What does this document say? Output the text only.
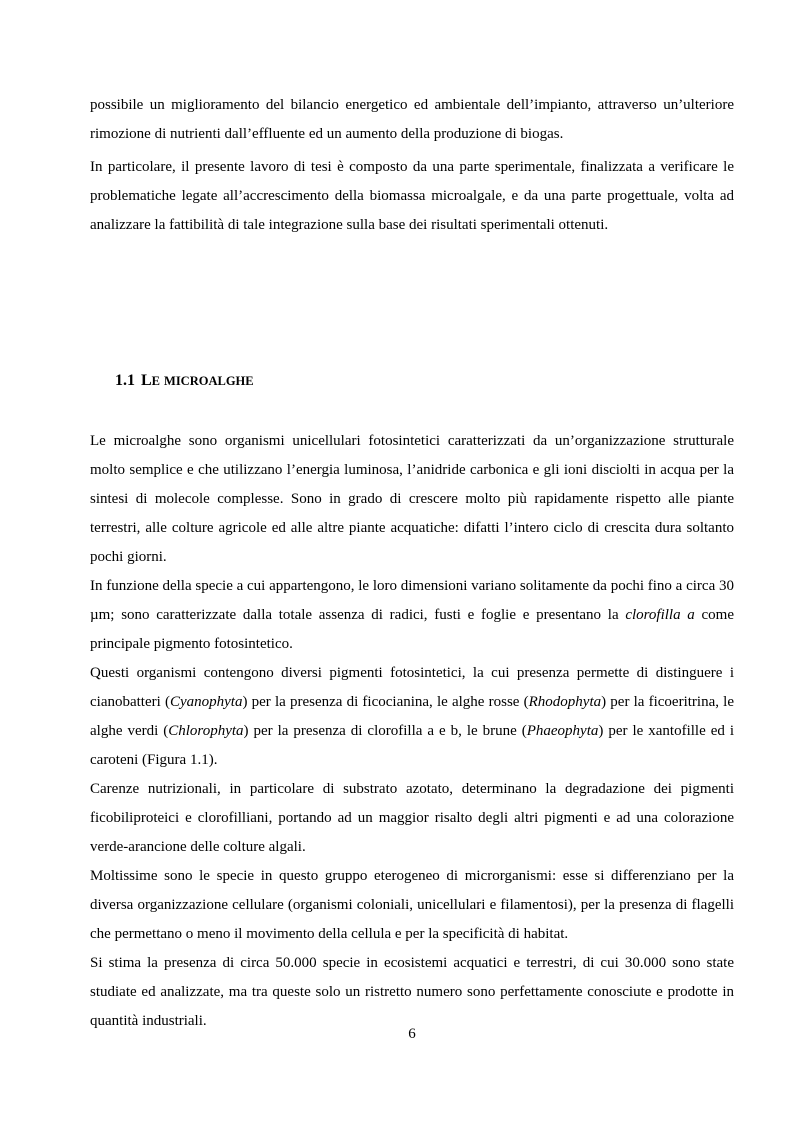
possibile un miglioramento del bilancio energetico ed ambientale dell’impianto, attraverso un’ulteriore rimozione di nutrienti dall’effluente ed un aumento della produzione di biogas.

In particolare, il presente lavoro di tesi è composto da una parte sperimentale, finalizzata a verificare le problematiche legate all’accrescimento della biomassa microalgale, e da una parte progettuale, volta ad analizzare la fattibilità di tale integrazione sulla base dei risultati sperimentali ottenuti.

1.1 LE MICROALGHE

Le microalghe sono organismi unicellulari fotosintetici caratterizzati da un’organizzazione strutturale molto semplice e che utilizzano l’energia luminosa, l’anidride carbonica e gli ioni disciolti in acqua per la sintesi di molecole complesse. Sono in grado di crescere molto più rapidamente rispetto alle piante terrestri, alle colture agricole ed alle altre piante acquatiche: difatti l’intero ciclo di crescita dura soltanto pochi giorni.

In funzione della specie a cui appartengono, le loro dimensioni variano solitamente da pochi fino a circa 30 µm; sono caratterizzate dalla totale assenza di radici, fusti e foglie e presentano la clorofilla a come principale pigmento fotosintetico.

Questi organismi contengono diversi pigmenti fotosintetici, la cui presenza permette di distinguere i cianobatteri (Cyanophyta) per la presenza di ficocianina, le alghe rosse (Rhodophyta) per la ficoeritrina, le alghe verdi (Chlorophyta) per la presenza di clorofilla a e b, le brune (Phaeophyta) per le xantofille ed i caroteni (Figura 1.1).

Carenze nutrizionali, in particolare di substrato azotato, determinano la degradazione dei pigmenti ficobiliproteici e clorofilliani, portando ad un maggior risalto degli altri pigmenti e ad una colorazione verde-arancione delle colture algali.

Moltissime sono le specie in questo gruppo eterogeneo di microrganismi: esse si differenziano per la diversa organizzazione cellulare (organismi coloniali, unicellulari e filamentosi), per la presenza di flagelli che permettano o meno il movimento della cellula e per la specificità di habitat.

Si stima la presenza di circa 50.000 specie in ecosistemi acquatici e terrestri, di cui 30.000 sono state studiate ed analizzate, ma tra queste solo un ristretto numero sono perfettamente conosciute e prodotte in quantità industriali.

6
